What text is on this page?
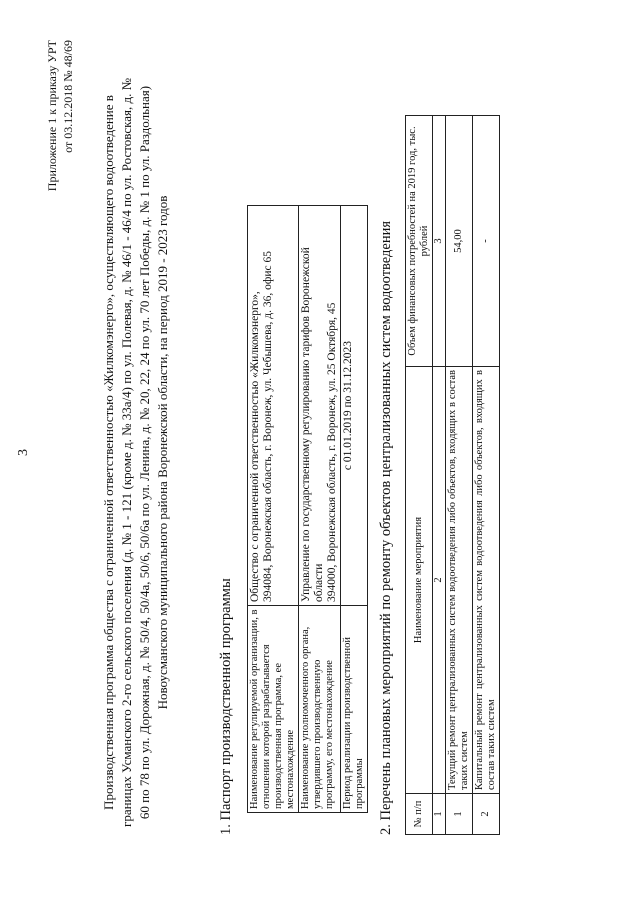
3
Приложение 1 к приказу УРТ от 03.12.2018 № 48/69 Производственная программа общества с ограниченной ответственностью «Жилкомэнерго», осуществляющего водоотведение в границах Усманского 2-го сельского поселения (д. № 1 - 121 (кроме д. № 33а/4) по ул. Полевая, д. № 46/1 - 46/4 по ул. Ростовская, д. № 60 по 78 по ул. Дорожная, д. № 50/4, 50/4а, 50/6, 50/6а по ул. Ленина, д. № 20, 22, 24 по ул. 70 лет Победы, д. № 1 по ул. Раздольная) Новоусманского муниципального района Воронежской области, на период 2019 - 2023 годов	1. Паспорт производственной программы Наименование регулируемой организации, в отношении которой разрабатывается производственная программа, ее местонахождение	Общество с ограниченной ответственностью «Жилкомэнерго», 394084, Воронежская область, г. Воронеж, ул. Чебышева, д. 36, офис 65

Наименование уполномоченного органа, утвердившего производственную программу, его местонахождение	Управление по государственному регулированию тарифов Воронежской области 394000, Воронежская область, г. Воронеж, ул. 25 Октября, 45

Период реализации производственной программы	с 01.01.2019 по 31.12.2023 2. Перечень плановых мероприятий по ремонту объектов централизованных систем водоотведения № п/п	Наименование мероприятия	Объем финансовых потребностей на 2019 год, тыс. рублей
1	2	3
1	Текущий ремонт централизованных систем водоотведения либо объектов, входящих в состав таких систем	54,00
2	Капитальный ремонт централизованных систем водоотведения либо объектов, входящих в состав таких систем	-
